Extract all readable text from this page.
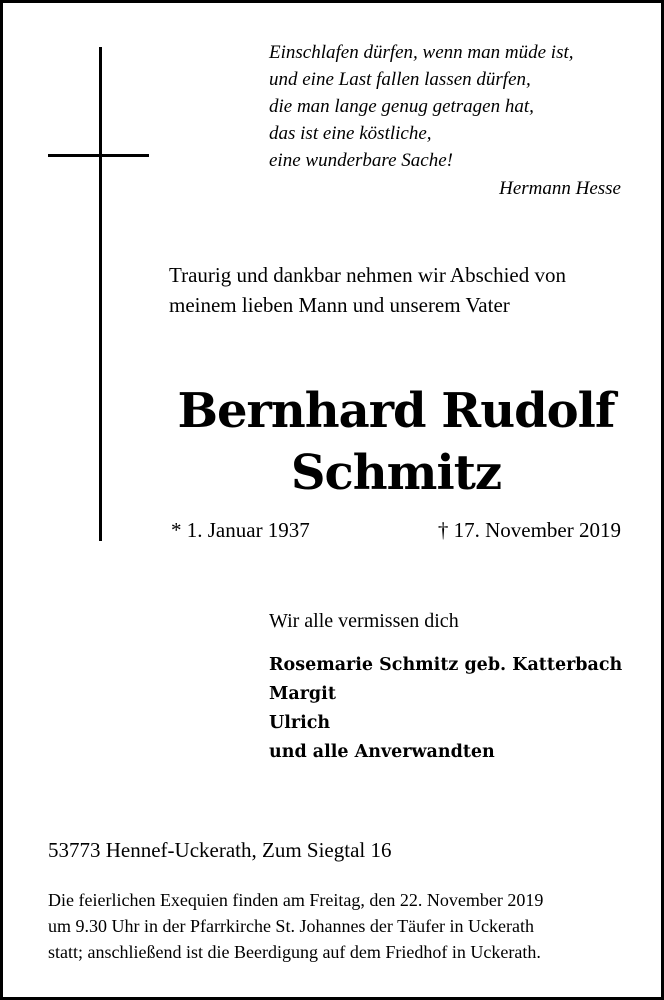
Einschlafen dürfen, wenn man müde ist,
und eine Last fallen lassen dürfen,
die man lange genug getragen hat,
das ist eine köstliche,
eine wunderbare Sache!
Hermann Hesse
Traurig und dankbar nehmen wir Abschied von
meinem lieben Mann und unserem Vater
Bernhard Rudolf
Schmitz
* 1. Januar 1937	† 17. November 2019
Wir alle vermissen dich
Rosemarie Schmitz geb. Katterbach
Margit
Ulrich
und alle Anverwandten
53773 Hennef-Uckerath, Zum Siegtal 16
Die feierlichen Exequien finden am Freitag, den 22. November 2019
um 9.30 Uhr in der Pfarrkirche St. Johannes der Täufer in Uckerath
statt; anschließend ist die Beerdigung auf dem Friedhof in Uckerath.
